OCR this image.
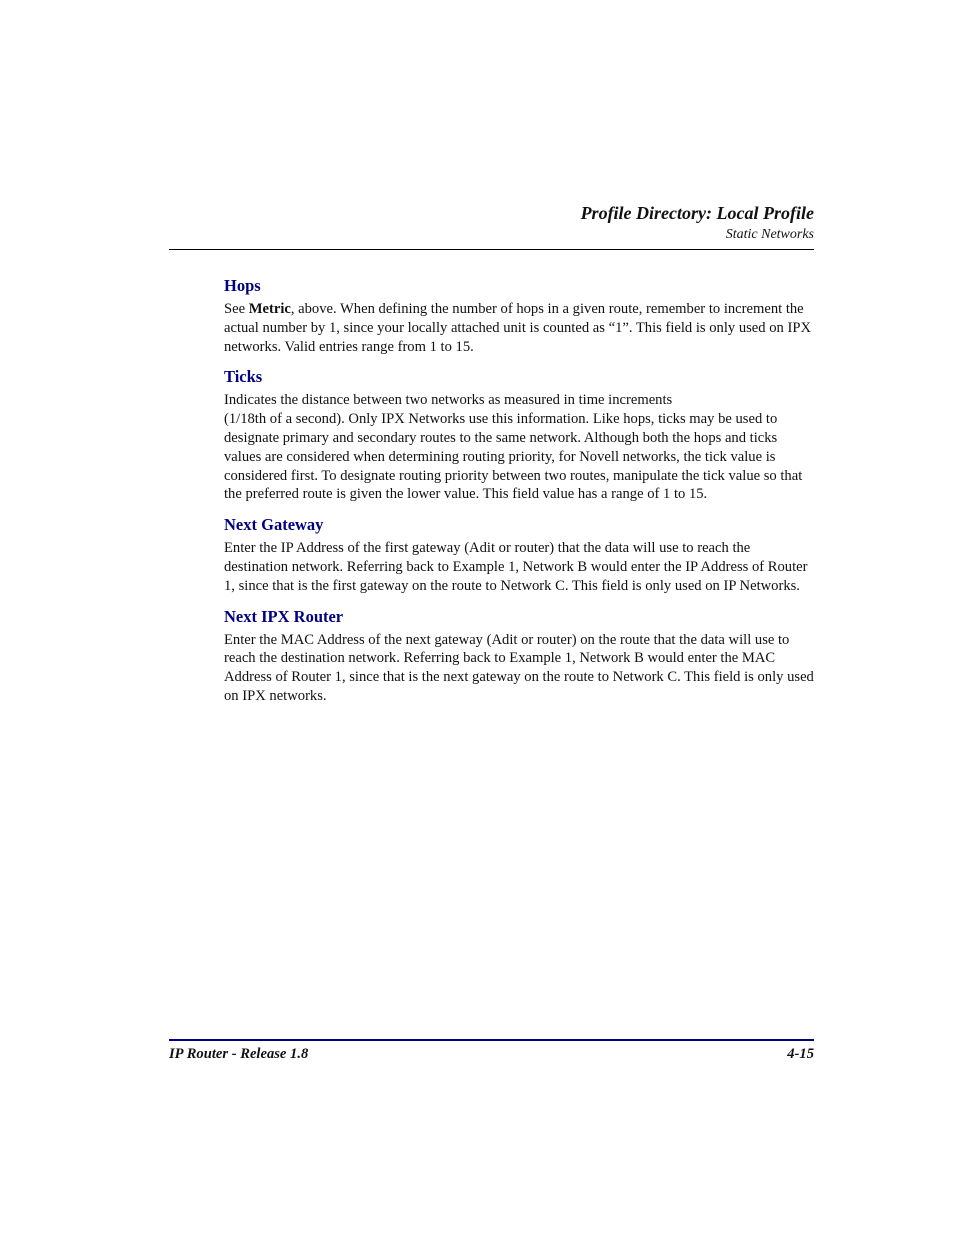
Profile Directory: Local Profile
Static Networks
Hops

See Metric, above. When defining the number of hops in a given route, remember to increment the actual number by 1, since your locally attached unit is counted as “1”. This field is only used on IPX networks. Valid entries range from 1 to 15.

Ticks

Indicates the distance between two networks as measured in time increments
(1/18th of a second). Only IPX Networks use this information. Like hops, ticks may be used to designate primary and secondary routes to the same network. Although both the hops and ticks values are considered when determining routing priority, for Novell networks, the tick value is considered first. To designate routing priority between two routes, manipulate the tick value so that the preferred route is given the lower value. This field value has a range of 1 to 15.

Next Gateway

Enter the IP Address of the first gateway (Adit or router) that the data will use to reach the destination network. Referring back to Example 1, Network B would enter the IP Address of Router 1, since that is the first gateway on the route to Network C. This field is only used on IP Networks.

Next IPX Router

Enter the MAC Address of the next gateway (Adit or router) on the route that the data will use to reach the destination network. Referring back to Example 1, Network B would enter the MAC Address of Router 1, since that is the next gateway on the route to Network C. This field is only used on IPX networks.

IP Router - Release 1.8	4-15
